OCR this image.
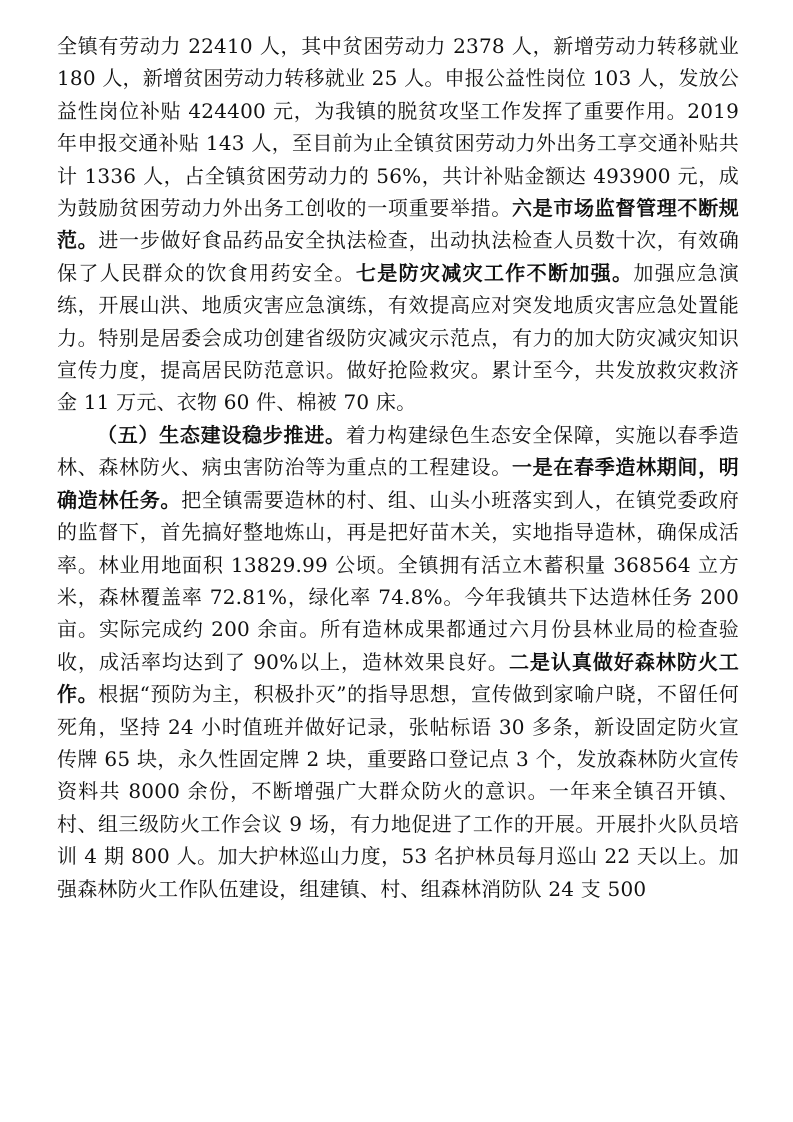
全镇有劳动力 22410 人，其中贫困劳动力 2378 人，新增劳动力转移就业 180 人，新增贫困劳动力转移就业 25 人。申报公益性岗位 103 人，发放公益性岗位补贴 424400 元，为我镇的脱贫攻坚工作发挥了重要作用。2019 年申报交通补贴 143 人，至目前为止全镇贫困劳动力外出务工享交通补贴共计 1336 人，占全镇贫困劳动力的 56%，共计补贴金额达 493900 元，成为鼓励贫困劳动力外出务工创收的一项重要举措。六是市场监督管理不断规范。进一步做好食品药品安全执法检查，出动执法检查人员数十次，有效确保了人民群众的饮食用药安全。七是防灾减灾工作不断加强。加强应急演练，开展山洪、地质灾害应急演练，有效提高应对突发地质灾害应急处置能力。特别是居委会成功创建省级防灾减灾示范点，有力的加大防灾减灾知识宣传力度，提高居民防范意识。做好抢险救灾。累计至今，共发放救灾救济金 11 万元、衣物 60 件、棉被 70 床。

（五）生态建设稳步推进。着力构建绿色生态安全保障，实施以春季造林、森林防火、病虫害防治等为重点的工程建设。一是在春季造林期间，明确造林任务。把全镇需要造林的村、组、山头小班落实到人，在镇党委政府的监督下，首先搞好整地炼山，再是把好苗木关，实地指导造林，确保成活率。林业用地面积 13829.99 公顷。全镇拥有活立木蓄积量 368564 立方米，森林覆盖率 72.81%，绿化率 74.8%。今年我镇共下达造林任务 200 亩。实际完成约 200 余亩。所有造林成果都通过六月份县林业局的检查验收，成活率均达到了 90%以上，造林效果良好。二是认真做好森林防火工作。根据“预防为主，积极扑灭”的指导思想，宣传做到家喻户晓，不留任何死角，坚持 24 小时值班并做好记录，张帖标语 30 多条，新设固定防火宣传牌 65 块，永久性固定牌 2 块，重要路口登记点 3 个，发放森林防火宣传资料共 8000 余份，不断增强广大群众防火的意识。一年来全镇召开镇、村、组三级防火工作会议 9 场，有力地促进了工作的开展。开展扑火队员培训 4 期 800 人。加大护林巡山力度，53 名护林员每月巡山 22 天以上。加强森林防火工作队伍建设，组建镇、村、组森林消防队 24 支 500
